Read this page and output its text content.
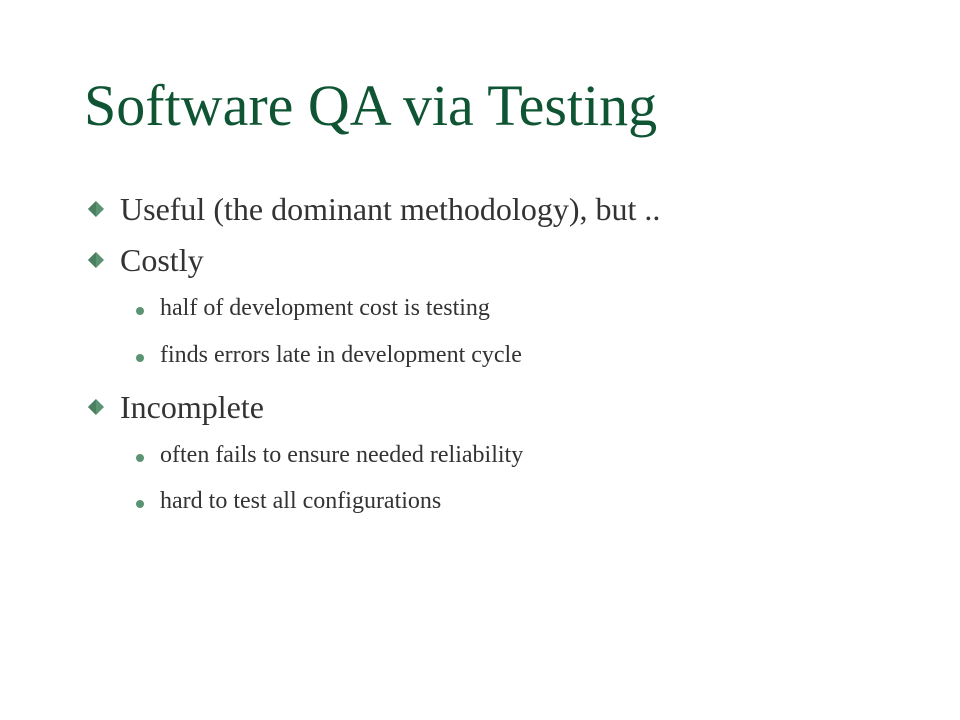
Software QA via Testing
Useful (the dominant methodology), but ..
Costly
half of development cost is testing
finds errors late in development cycle
Incomplete
often fails to ensure needed reliability
hard to test all configurations
